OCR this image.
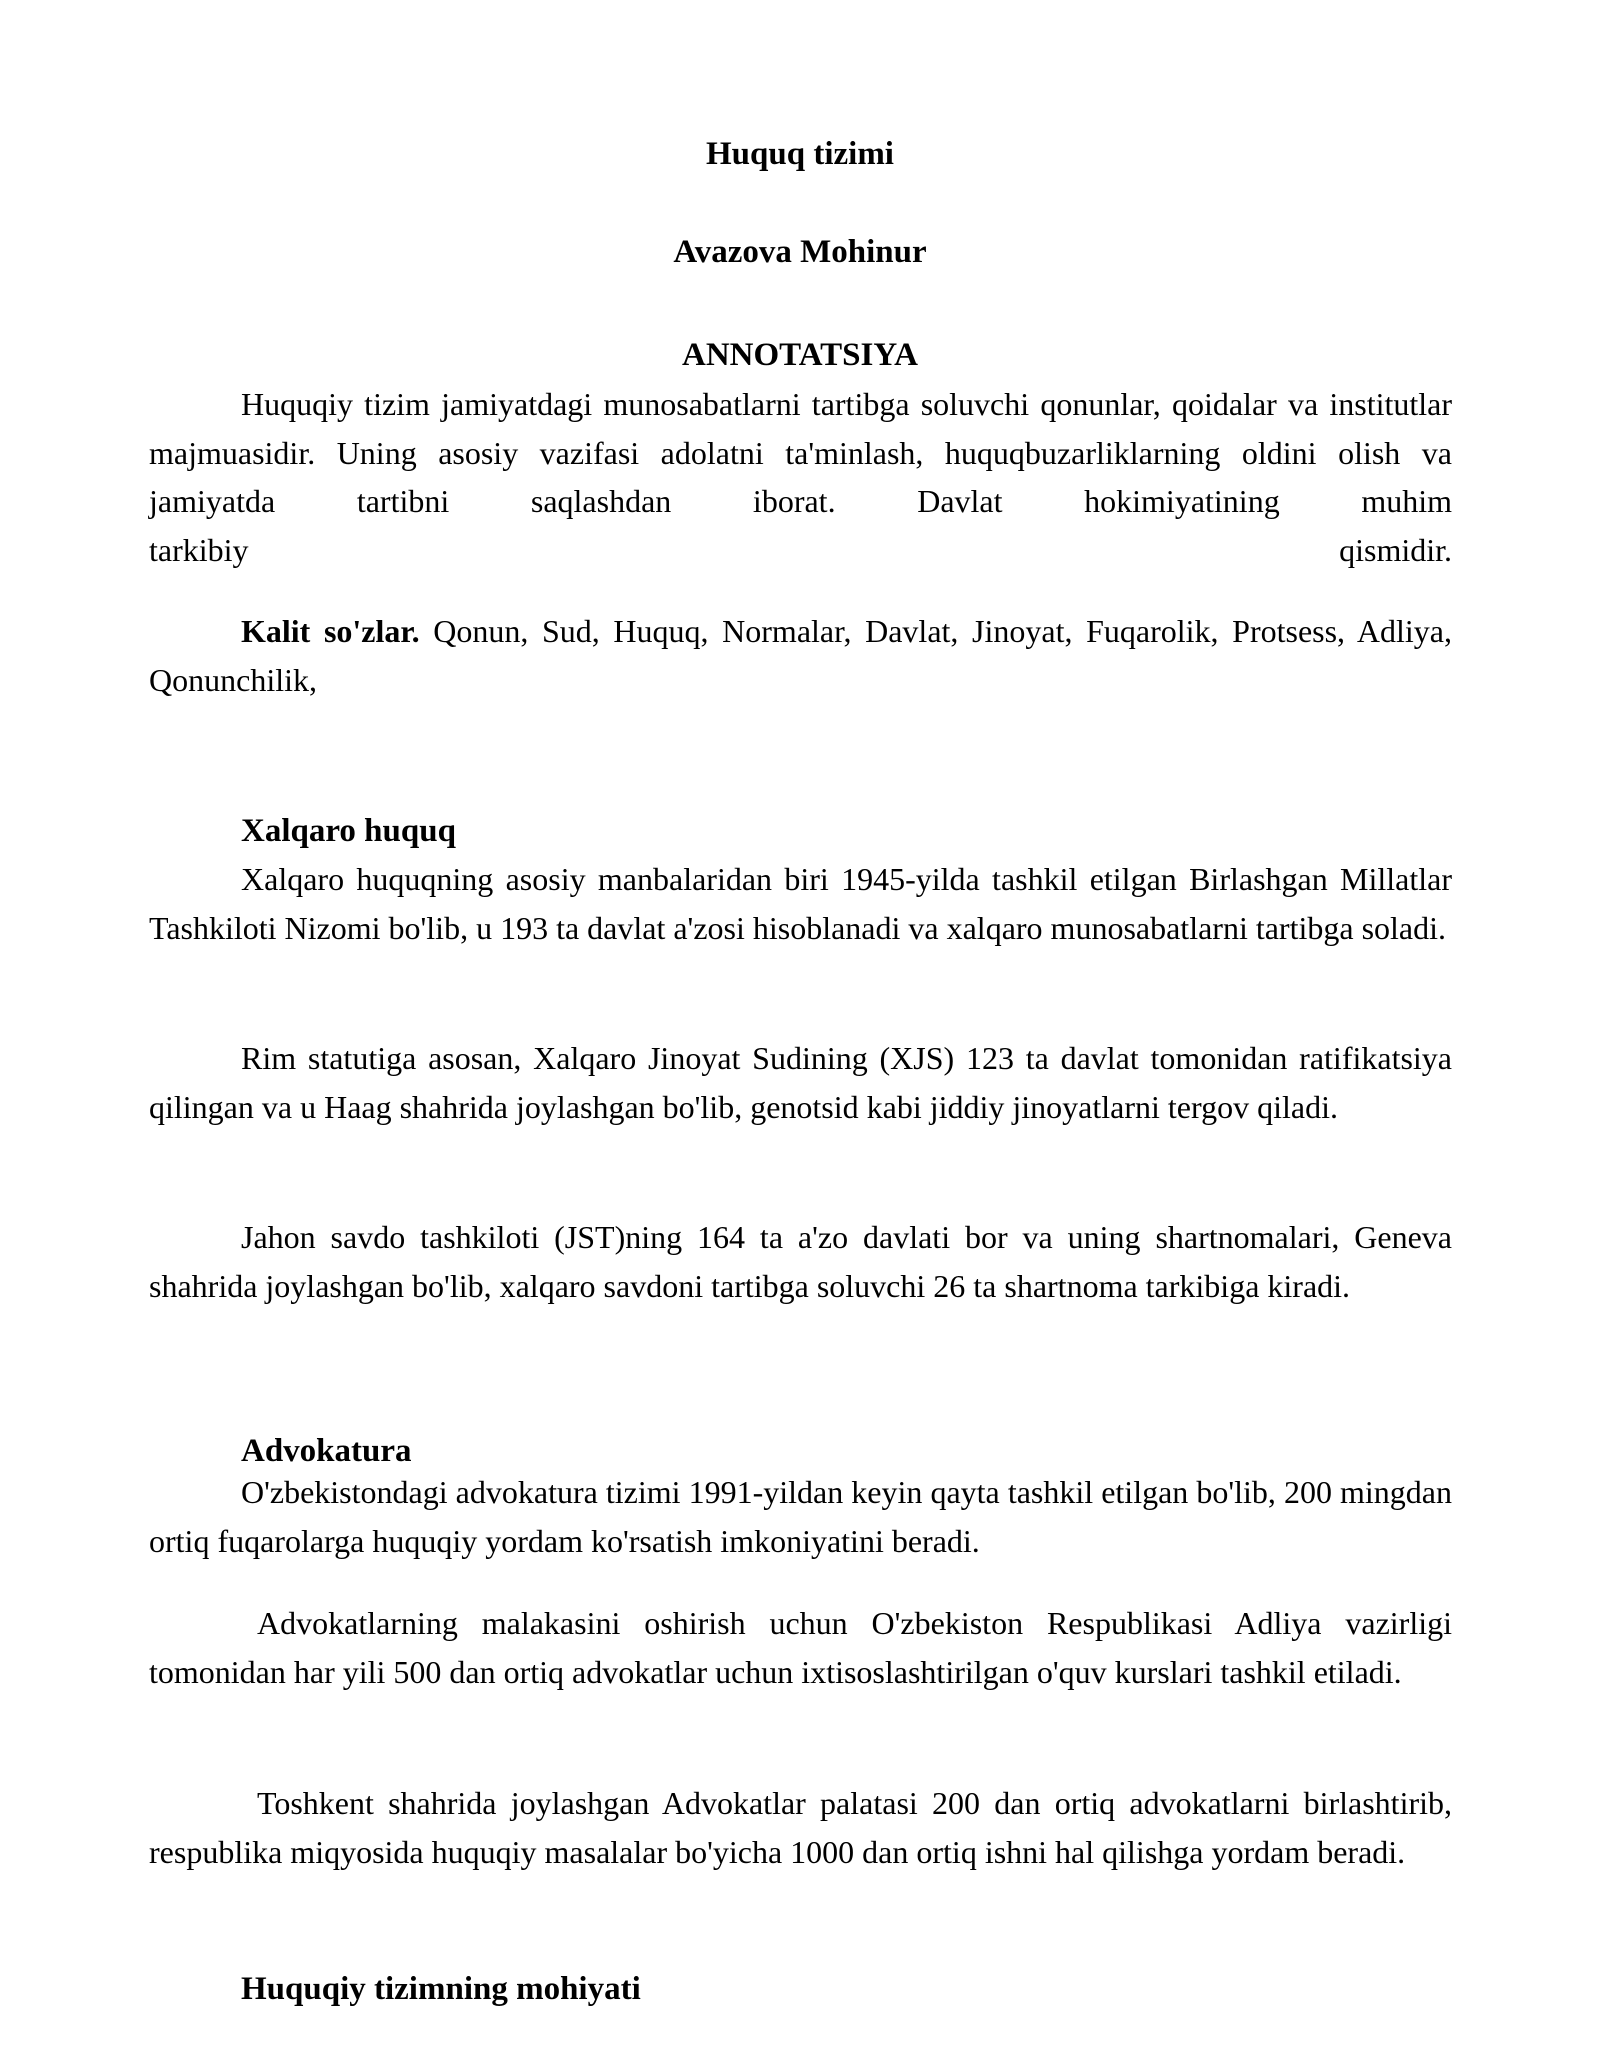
Huquq tizimi
Avazova Mohinur
ANNOTATSIYA
Huquqiy tizim jamiyatdagi munosabatlarni tartibga soluvchi qonunlar, qoidalar va institutlar majmuasidir. Uning asosiy vazifasi adolatni ta'minlash, huquqbuzarliklarning oldini olish va jamiyatda tartibni saqlashdan iborat. Davlat hokimiyatining muhim
tarkibiy	qismidir.
Kalit so'zlar. Qonun, Sud, Huquq, Normalar, Davlat, Jinoyat, Fuqarolik, Protsess, Adliya, Qonunchilik,
Xalqaro huquq
Xalqaro huquqning asosiy manbalaridan biri 1945-yilda tashkil etilgan Birlashgan Millatlar Tashkiloti Nizomi bo'lib, u 193 ta davlat a'zosi hisoblanadi va xalqaro munosabatlarni tartibga soladi.
Rim statutiga asosan, Xalqaro Jinoyat Sudining (XJS) 123 ta davlat tomonidan ratifikatsiya qilingan va u Haag shahrida joylashgan bo'lib, genotsid kabi jiddiy jinoyatlarni tergov qiladi.
Jahon savdo tashkiloti (JST)ning 164 ta a'zo davlati bor va uning shartnomalari, Geneva shahrida joylashgan bo'lib, xalqaro savdoni tartibga soluvchi 26 ta shartnoma tarkibiga kiradi.
Advokatura
O'zbekistondagi advokatura tizimi 1991-yildan keyin qayta tashkil etilgan bo'lib, 200 mingdan ortiq fuqarolarga huquqiy yordam ko'rsatish imkoniyatini beradi.
Advokatlarning malakasini oshirish uchun O'zbekiston Respublikasi Adliya vazirligi tomonidan har yili 500 dan ortiq advokatlar uchun ixtisoslashtirilgan o'quv kurslari tashkil etiladi.
Toshkent shahrida joylashgan Advokatlar palatasi 200 dan ortiq advokatlarni birlashtirib, respublika miqyosida huquqiy masalalar bo'yicha 1000 dan ortiq ishni hal qilishga yordam beradi.
Huquqiy tizimning mohiyati
